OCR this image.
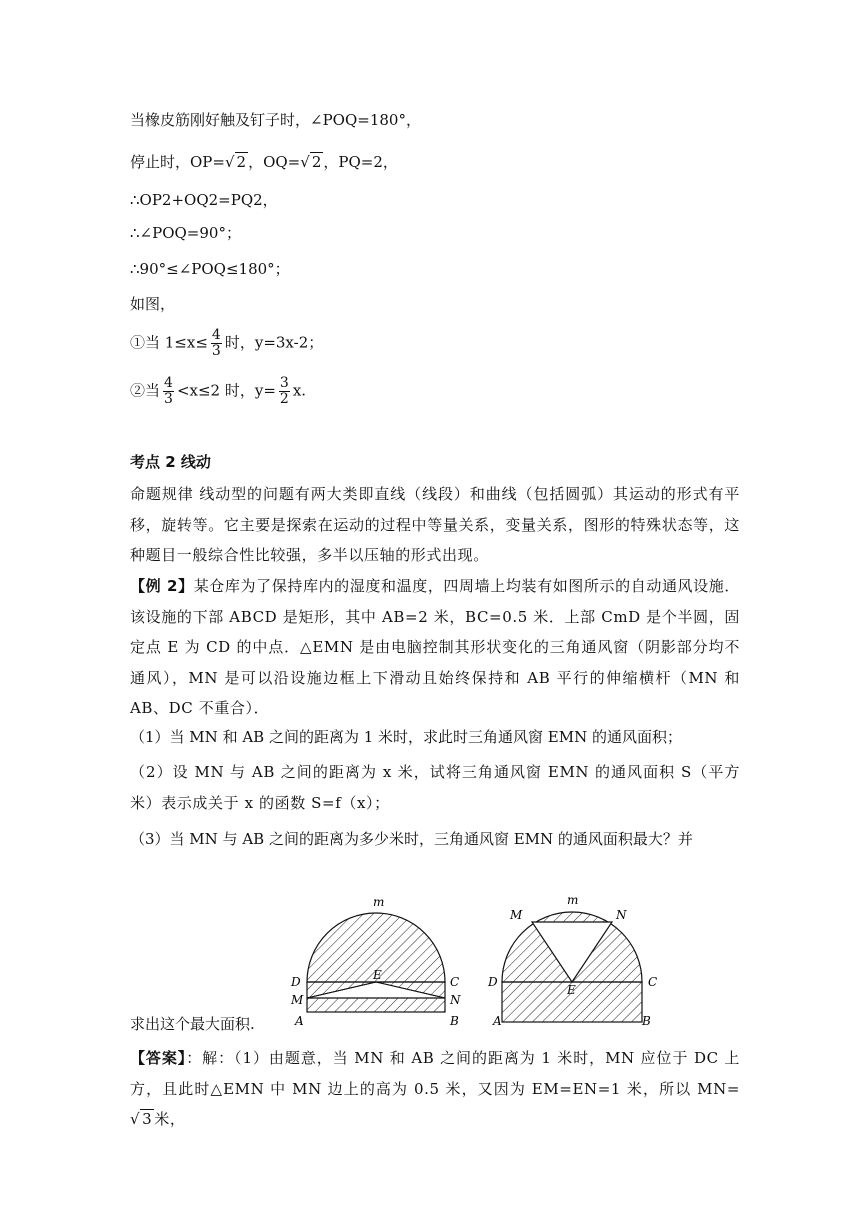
当橡皮筋刚好触及钉子时，∠POQ=180°，
停止时，OP=√ 2 ，OQ=√ 2 ，PQ=2，
∴OP2+OQ2=PQ2，
∴∠POQ=90°；
∴90°≤∠POQ≤180°；
如图，
①当 $1\le x\le \frac{4}{3}$ 时，y=3x-2；
②当 $\frac{4}{3} <x\le 2$ 时，$y= \frac{3}{2} x$.
考点 2 线动
命题规律 线动型的问题有两大类即直线（线段）和曲线（包括圆弧）其运动的形式有平移，旋转等。它主要是探索在运动的过程中等量关系，变量关系，图形的特殊状态等，这种题目一般综合性比较强，多半以压轴的形式出现。
【例 2】某仓库为了保持库内的湿度和温度，四周墙上均装有如图所示的自动通风设施．该设施的下部 ABCD 是矩形，其中 AB=2 米，BC=0.5 米．上部 CmD 是个半圆，固定点 E 为 CD 的中点．△EMN 是由电脑控制其形状变化的三角通风窗（阴影部分均不通风），MN 是可以沿设施边框上下滑动且始终保持和 AB 平行的伸缩横杆（MN 和 AB、DC 不重合）．
（1）当 MN 和 AB 之间的距离为 1 米时，求此时三角通风窗 EMN 的通风面积；
（2）设 MN 与 AB 之间的距离为 x 米，试将三角通风窗 EMN 的通风面积 S（平方米）表示成关于 x 的函数 S=f（x）；
（3）当 MN 与 AB 之间的距离为多少米时，三角通风窗 EMN 的通风面积最大？并
m
D	C
E
M	N
A	B
M
m
N
D	C
E
A	B
求出这个最大面积.
【答案】：解：（1）由题意，当 MN 和 AB 之间的距离为 1 米时，MN 应位于 DC 上方，且此时△EMN 中 MN 边上的高为 0.5 米，又因为 EM=EN=1 米，所以 MN=√ 3 米，
